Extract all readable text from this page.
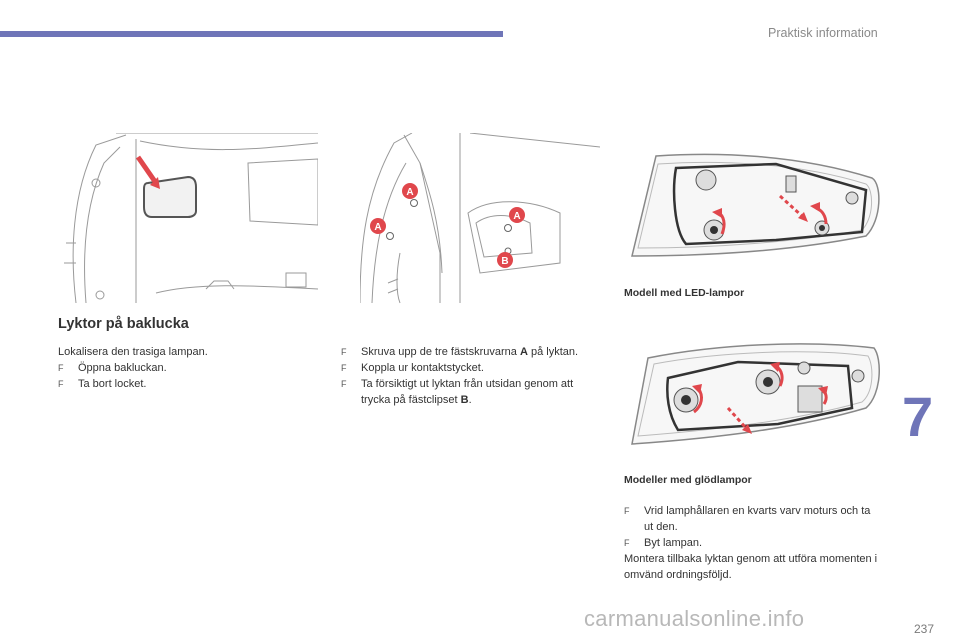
Praktisk information
A
A
A
B
Modell med LED-lampor
Modeller med glödlampor
Lyktor på baklucka

Lokalisera den trasiga lampan.

F	Öppna bakluckan.
F	Ta bort locket.
F	Skruva upp de tre fästskruvarna A på lyktan.
F	Koppla ur kontaktstycket.
F	Ta försiktigt ut lyktan från utsidan genom att trycka på fästclipset B.
F	Vrid lamphållaren en kvarts varv moturs och ta ut den.
F	Byt lampan.

Montera tillbaka lyktan genom att utföra momenten i omvänd ordningsföljd.

7
carmanualsonline.info	237
